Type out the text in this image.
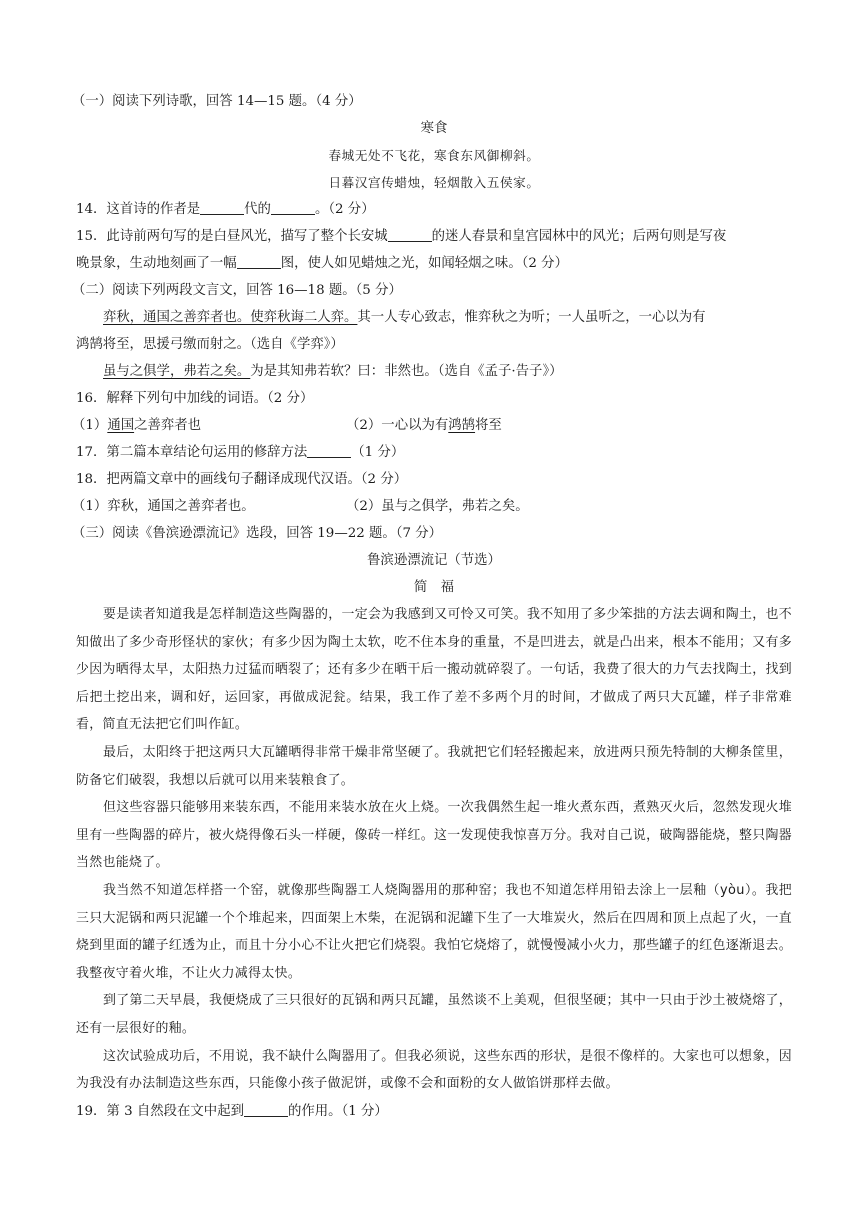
（一）阅读下列诗歌，回答 14—15 题。（4 分）
寒食
春城无处不飞花，寒食东风御柳斜。
日暮汉宫传蜡烛，轻烟散入五侯家。
14．这首诗的作者是	代的	。（2 分）
15．此诗前两句写的是白昼风光，描写了整个长安城	的迷人春景和皇宫园林中的风光；后两句则是写夜
晚景象，生动地刻画了一幅	图，使人如见蜡烛之光，如闻轻烟之味。（2 分）
（二）阅读下列两段文言文，回答 16—18 题。（5 分）
弈秋，通国之善弈者也。使弈秋诲二人弈。其一人专心致志，惟弈秋之为听；一人虽听之，一心以为有
鸿鹄将至，思援弓缴而射之。（选自《学弈》）
虽与之俱学，弗若之矣。为是其知弗若软？曰：非然也。（选自《孟子·告子》）
16．解释下列句中加线的词语。（2 分）
（1）通国之善弈者也	（2）一心以为有鸿鹄将至
17．第二篇本章结论句运用的修辞方法	（1 分）
18．把两篇文章中的画线句子翻译成现代汉语。（2 分）
（1）弈秋，通国之善弈者也。	（2）虽与之俱学，弗若之矣。
（三）阅读《鲁滨逊漂流记》选段，回答 19—22 题。（7 分）
鲁滨逊漂流记（节选）
简　福
要是读者知道我是怎样制造这些陶器的，一定会为我感到又可怜又可笑。我不知用了多少笨拙的方法去调和陶土，也不知做出了多少奇形怪状的家伙；有多少因为陶土太软，吃不住本身的重量，不是凹进去，就是凸出来，根本不能用；又有多少因为晒得太早，太阳热力过猛而晒裂了；还有多少在晒干后一搬动就碎裂了。一句话，我费了很大的力气去找陶土，找到后把土挖出来，调和好，运回家，再做成泥瓮。结果，我工作了差不多两个月的时间，才做成了两只大瓦罐，样子非常难看，简直无法把它们叫作缸。
最后，太阳终于把这两只大瓦罐晒得非常干燥非常坚硬了。我就把它们轻轻搬起来，放进两只预先特制的大柳条筐里，防备它们破裂，我想以后就可以用来装粮食了。
但这些容器只能够用来装东西，不能用来装水放在火上烧。一次我偶然生起一堆火煮东西，煮熟灭火后，忽然发现火堆里有一些陶器的碎片，被火烧得像石头一样硬，像砖一样红。这一发现使我惊喜万分。我对自己说，破陶器能烧，整只陶器当然也能烧了。
我当然不知道怎样搭一个窑，就像那些陶器工人烧陶器用的那种窑；我也不知道怎样用铅去涂上一层釉（yòu）。我把三只大泥锅和两只泥罐一个个堆起来，四面架上木柴，在泥锅和泥罐下生了一大堆炭火，然后在四周和顶上点起了火，一直烧到里面的罐子红透为止，而且十分小心不让火把它们烧裂。我怕它烧熔了，就慢慢减小火力，那些罐子的红色逐渐退去。我整夜守着火堆，不让火力减得太快。
到了第二天早晨，我便烧成了三只很好的瓦锅和两只瓦罐，虽然谈不上美观，但很坚硬；其中一只由于沙土被烧熔了，还有一层很好的釉。
这次试验成功后，不用说，我不缺什么陶器用了。但我必须说，这些东西的形状，是很不像样的。大家也可以想象，因为我没有办法制造这些东西，只能像小孩子做泥饼，或像不会和面粉的女人做馅饼那样去做。
19．第 3 自然段在文中起到	的作用。（1 分）
